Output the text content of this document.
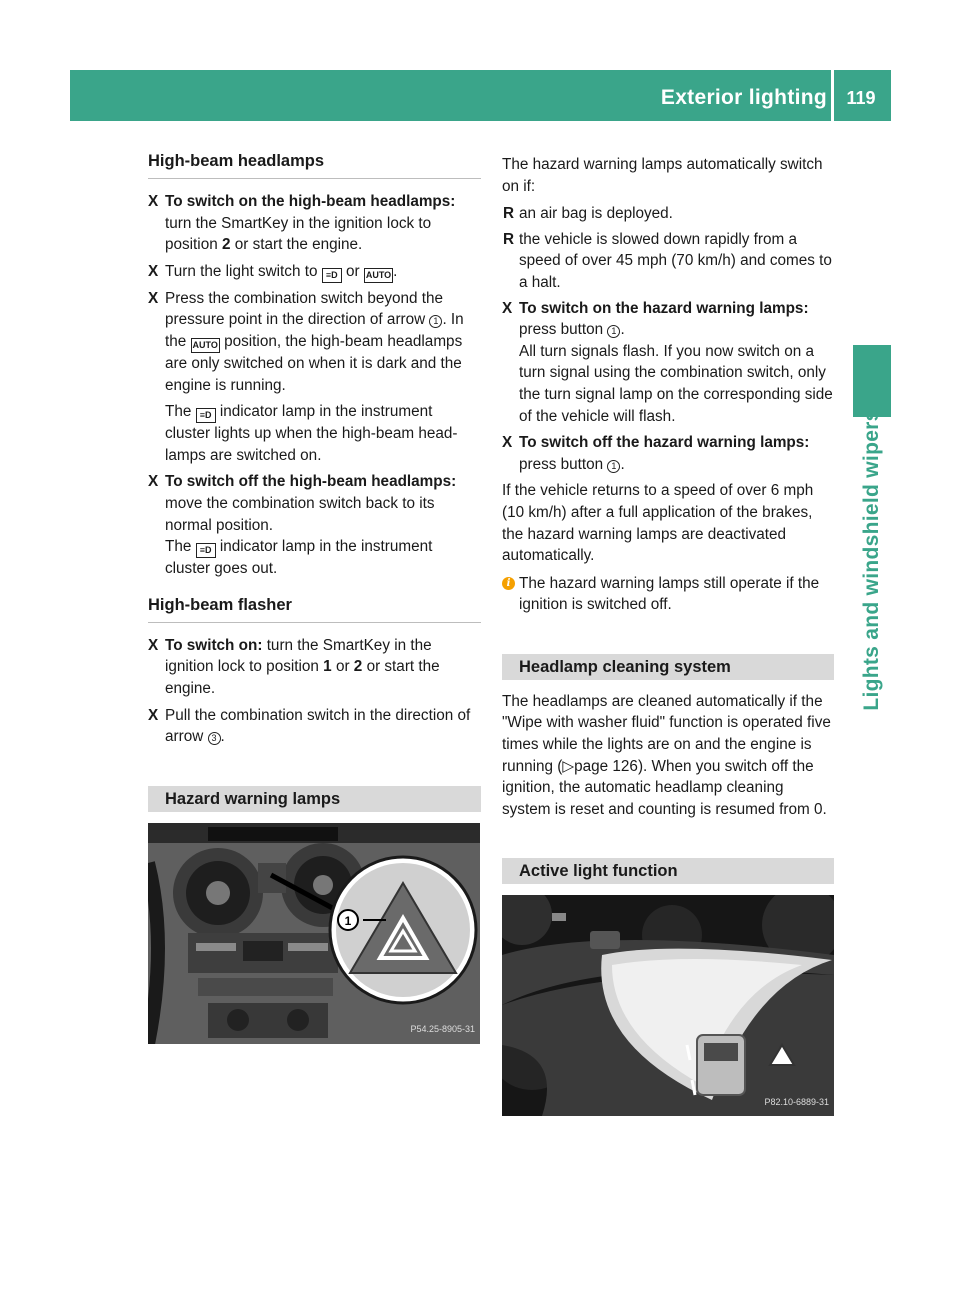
Exterior lighting	119
Lights and windshield wipers
High-beam headlamps
X To switch on the high-beam headlamps: turn the SmartKey in the ignition lock to position 2 or start the engine.
X Turn the light switch to ≡D or AUTO .
X Press the combination switch beyond the pressure point in the direction of arrow 1 . In the AUTO position, the high-beam headlamps are only switched on when it is dark and the engine is running.
The ≡D indicator lamp in the instrument cluster lights up when the high-beam headlamps are switched on.
X To switch off the high-beam headlamps: move the combination switch back to its normal position.
The ≡D indicator lamp in the instrument cluster goes out.
High-beam flasher
X To switch on: turn the SmartKey in the ignition lock to position 1 or 2 or start the engine.
X Pull the combination switch in the direction of arrow 3 .
Hazard warning lamps
1
P54.25-8905-31
The hazard warning lamps automatically switch on if:
R an air bag is deployed.
R the vehicle is slowed down rapidly from a speed of over 45 mph (70 km/h) and comes to a halt.
X To switch on the hazard warning lamps:
press button 1 .
All turn signals flash. If you now switch on a turn signal using the combination switch, only the turn signal lamp on the corresponding side of the vehicle will flash.
X To switch off the hazard warning lamps:
press button 1 .
If the vehicle returns to a speed of over 6 mph (10 km/h) after a full application of the brakes, the hazard warning lamps are deactivated automatically.
i The hazard warning lamps still operate if the ignition is switched off.
Headlamp cleaning system
The headlamps are cleaned automatically if the "Wipe with washer fluid" function is operated five times while the lights are on and the engine is running (▷page 126). When you switch off the ignition, the automatic headlamp cleaning system is reset and counting is resumed from 0.
Active light function
P82.10-6889-31
